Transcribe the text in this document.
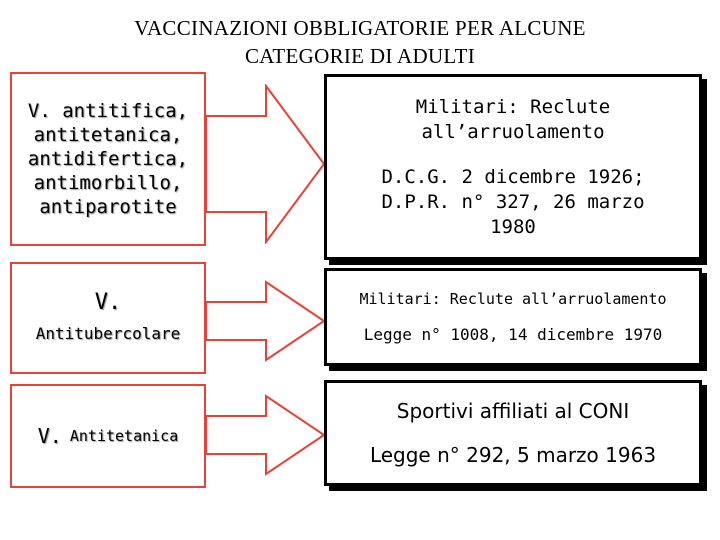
VACCINAZIONI OBBLIGATORIE PER ALCUNE
CATEGORIE DI ADULTI
V. antitifica,
antitetanica,
antidifertica,
antimorbillo,
antiparotite
V.
Antitubercolare
V. Antitetanica
Militari: Reclute
all’arruolamento
D.C.G. 2 dicembre 1926;
D.P.R. n° 327, 26 marzo
1980
Militari: Reclute all’arruolamento
Legge n° 1008, 14 dicembre 1970
Sportivi affiliati al CONI
Legge n° 292, 5 marzo 1963
